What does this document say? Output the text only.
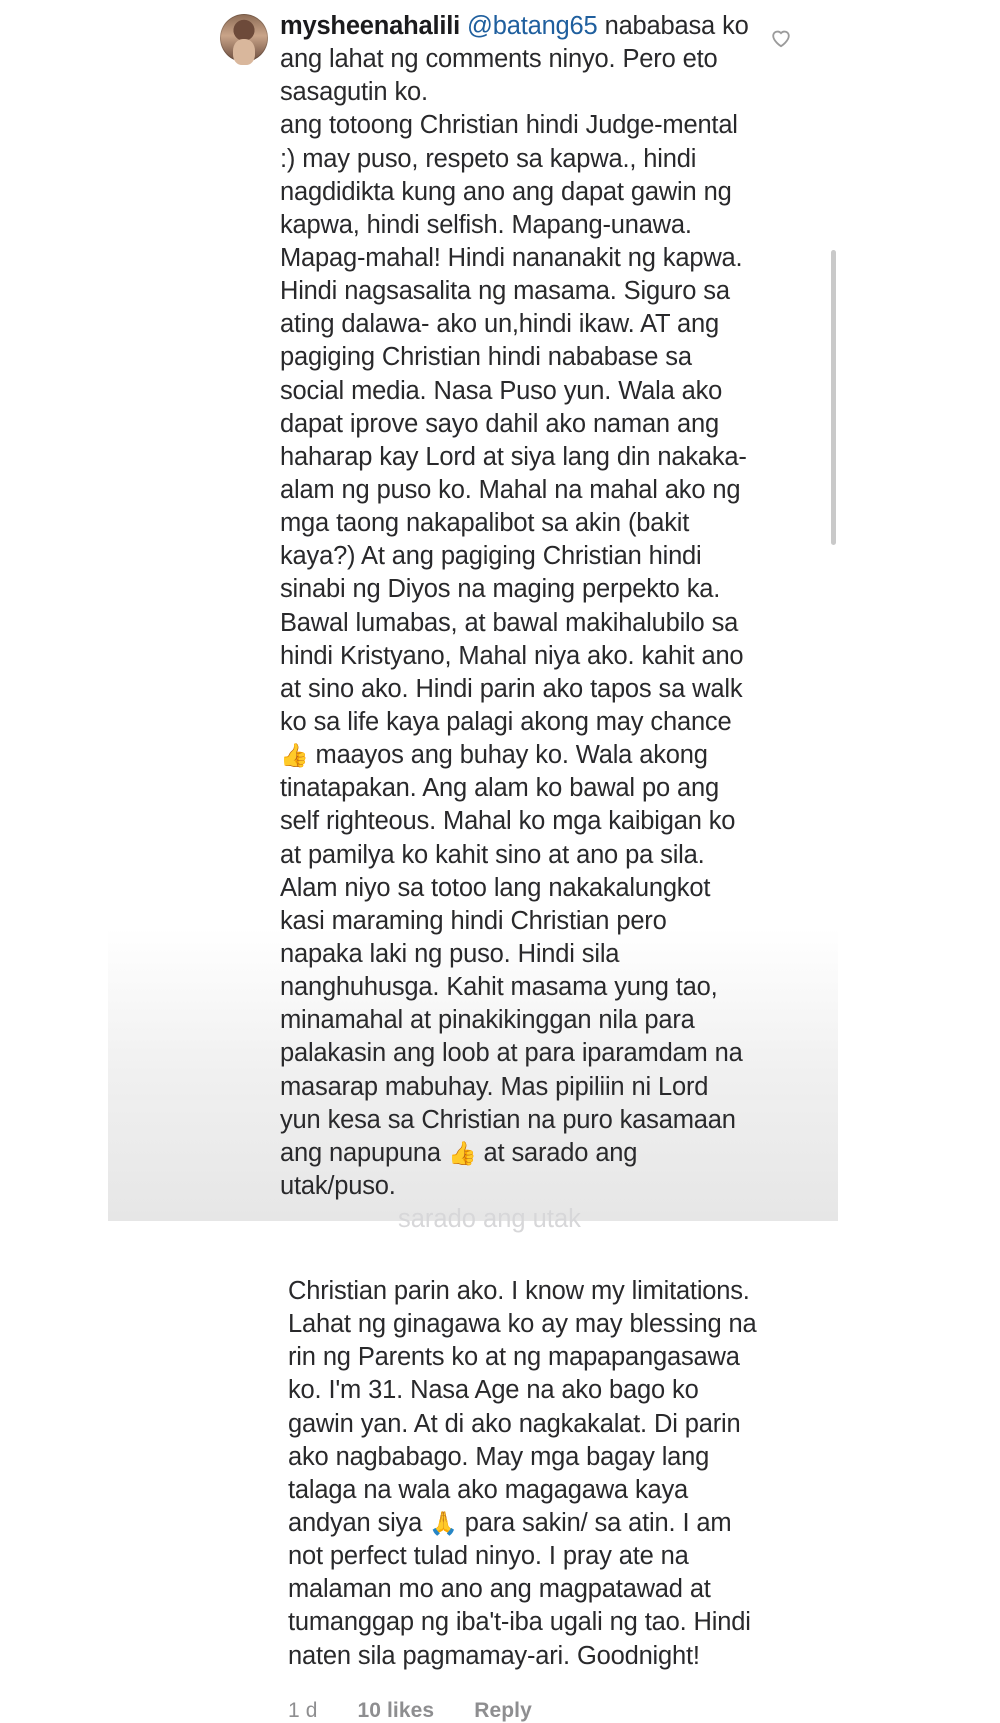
mysheenahalili @batang65 nababasa ko ang lahat ng comments ninyo. Pero eto sasagutin ko.
ang totoong Christian hindi Judge-mental :) may puso, respeto sa kapwa., hindi nagdidikta kung ano ang dapat gawin ng kapwa, hindi selfish. Mapang-unawa. Mapag-mahal! Hindi nananakit ng kapwa. Hindi nagsasalita ng masama. Siguro sa ating dalawa- ako un,hindi ikaw. AT ang pagiging Christian hindi nababase sa social media. Nasa Puso yun. Wala ako dapat iprove sayo dahil ako naman ang haharap kay Lord at siya lang din nakaka-alam ng puso ko. Mahal na mahal ako ng mga taong nakapalibot sa akin (bakit kaya?) At ang pagiging Christian hindi sinabi ng Diyos na maging perpekto ka. Bawal lumabas, at bawal makihalubilo sa hindi Kristyano, Mahal niya ako. kahit ano at sino ako. Hindi parin ako tapos sa walk ko sa life kaya palagi akong may chance 👍 maayos ang buhay ko. Wala akong tinatapakan. Ang alam ko bawal po ang self righteous. Mahal ko mga kaibigan ko at pamilya ko kahit sino at ano pa sila. Alam niyo sa totoo lang nakakalungkot kasi maraming hindi Christian pero napaka laki ng puso. Hindi sila nanghuhusga. Kahit masama yung tao, minamahal at pinakikinggan nila para palakasin ang loob at para iparamdam na masarap mabuhay. Mas pipiliin ni Lord yun kesa sa Christian na puro kasamaan ang napupuna 👍 at sarado ang utak/puso.
sarado ang utak
Christian parin ako. I know my limitations. Lahat ng ginagawa ko ay may blessing na rin ng Parents ko at ng mapapangasawa ko. I'm 31. Nasa Age na ako bago ko gawin yan. At di ako nagkakalat. Di parin ako nagbabago. May mga bagay lang talaga na wala ako magagawa kaya andyan siya 🙏 para sakin/ sa atin. I am not perfect tulad ninyo. I pray ate na malaman mo ano ang magpatawad at tumanggap ng iba't-iba ugali ng tao. Hindi naten sila pagmamay-ari. Goodnight!
1 d 10 likes Reply
